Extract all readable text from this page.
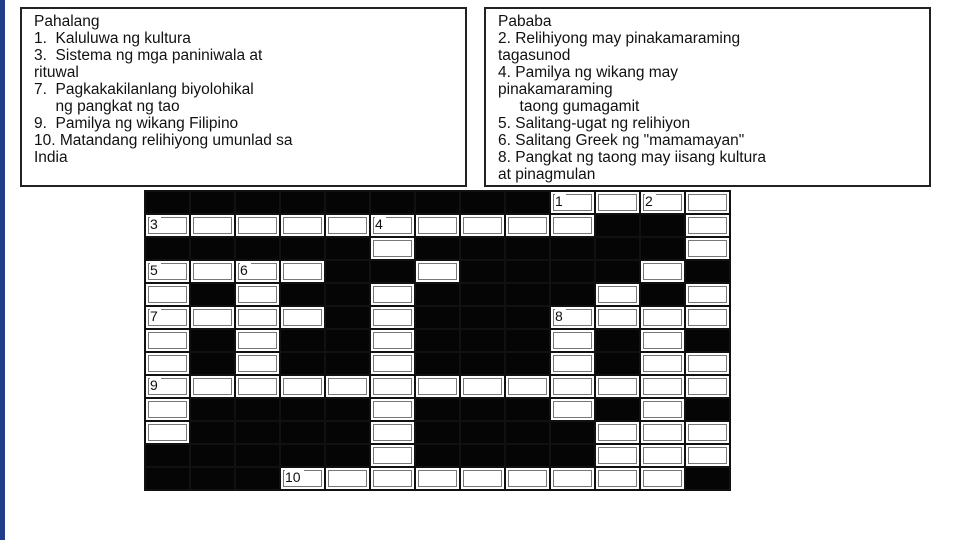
Pahalang
1.  Kaluluwa ng kultura
3.  Sistema ng mga paniniwala at
rituwal
7.  Pagkakakilanlang biyolohikal
ng pangkat ng tao
9.  Pamilya ng wikang Filipino
10. Matandang relihiyong umunlad sa
India
Pababa
2. Relihiyong may pinakamaraming
tagasunod
4. Pamilya ng wikang may
pinakamaraming
taong gumagamit
5. Salitang-ugat ng relihiyon
6. Salitang Greek ng "mamamayan"
8. Pangkat ng taong may iisang kultura
at pinagmulan

									1		2	

3					4							

5		6										

7									8			

9												

			10									
